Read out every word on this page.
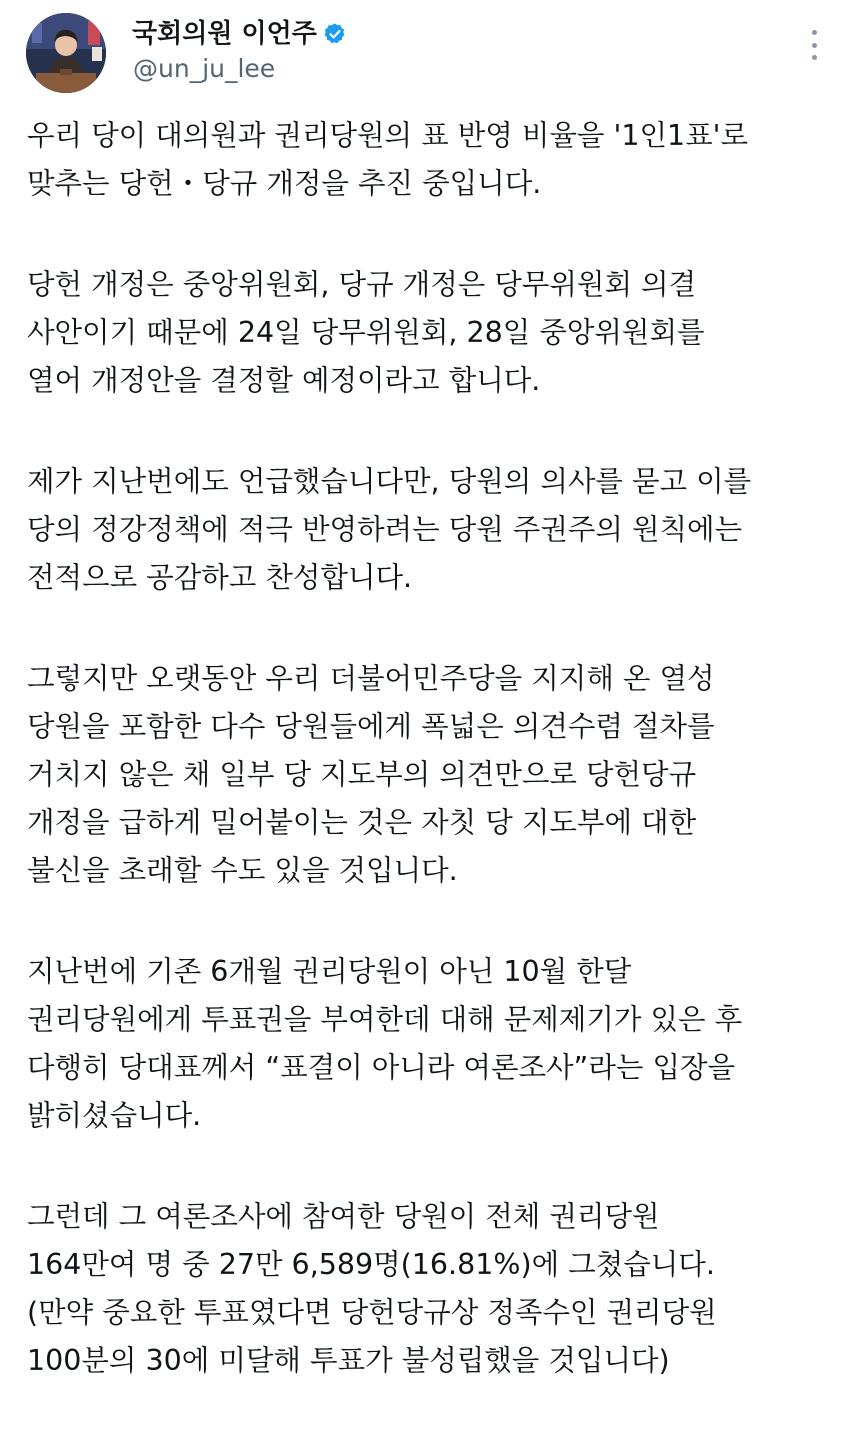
국회의원 이언주
@un_ju_lee
우리 당이 대의원과 권리당원의 표 반영 비율을 '1인1표'로
맞추는 당헌・당규 개정을 추진 중입니다.
당헌 개정은 중앙위원회, 당규 개정은 당무위원회 의결
사안이기 때문에 24일 당무위원회, 28일 중앙위원회를
열어 개정안을 결정할 예정이라고 합니다.
제가 지난번에도 언급했습니다만, 당원의 의사를 묻고 이를
당의 정강정책에 적극 반영하려는 당원 주권주의 원칙에는
전적으로 공감하고 찬성합니다.
그렇지만 오랫동안 우리 더불어민주당을 지지해 온 열성
당원을 포함한 다수 당원들에게 폭넓은 의견수렴 절차를
거치지 않은 채 일부 당 지도부의 의견만으로 당헌당규
개정을 급하게 밀어붙이는 것은 자칫 당 지도부에 대한
불신을 초래할 수도 있을 것입니다.
지난번에 기존 6개월 권리당원이 아닌 10월 한달
권리당원에게 투표권을 부여한데 대해 문제제기가 있은 후
다행히 당대표께서 “표결이 아니라 여론조사”라는 입장을
밝히셨습니다.
그런데 그 여론조사에 참여한 당원이 전체 권리당원
164만여 명 중 27만 6,589명(16.81%)에 그쳤습니다.
(만약 중요한 투표였다면 당헌당규상 정족수인 권리당원
100분의 30에 미달해 투표가 불성립했을 것입니다)
